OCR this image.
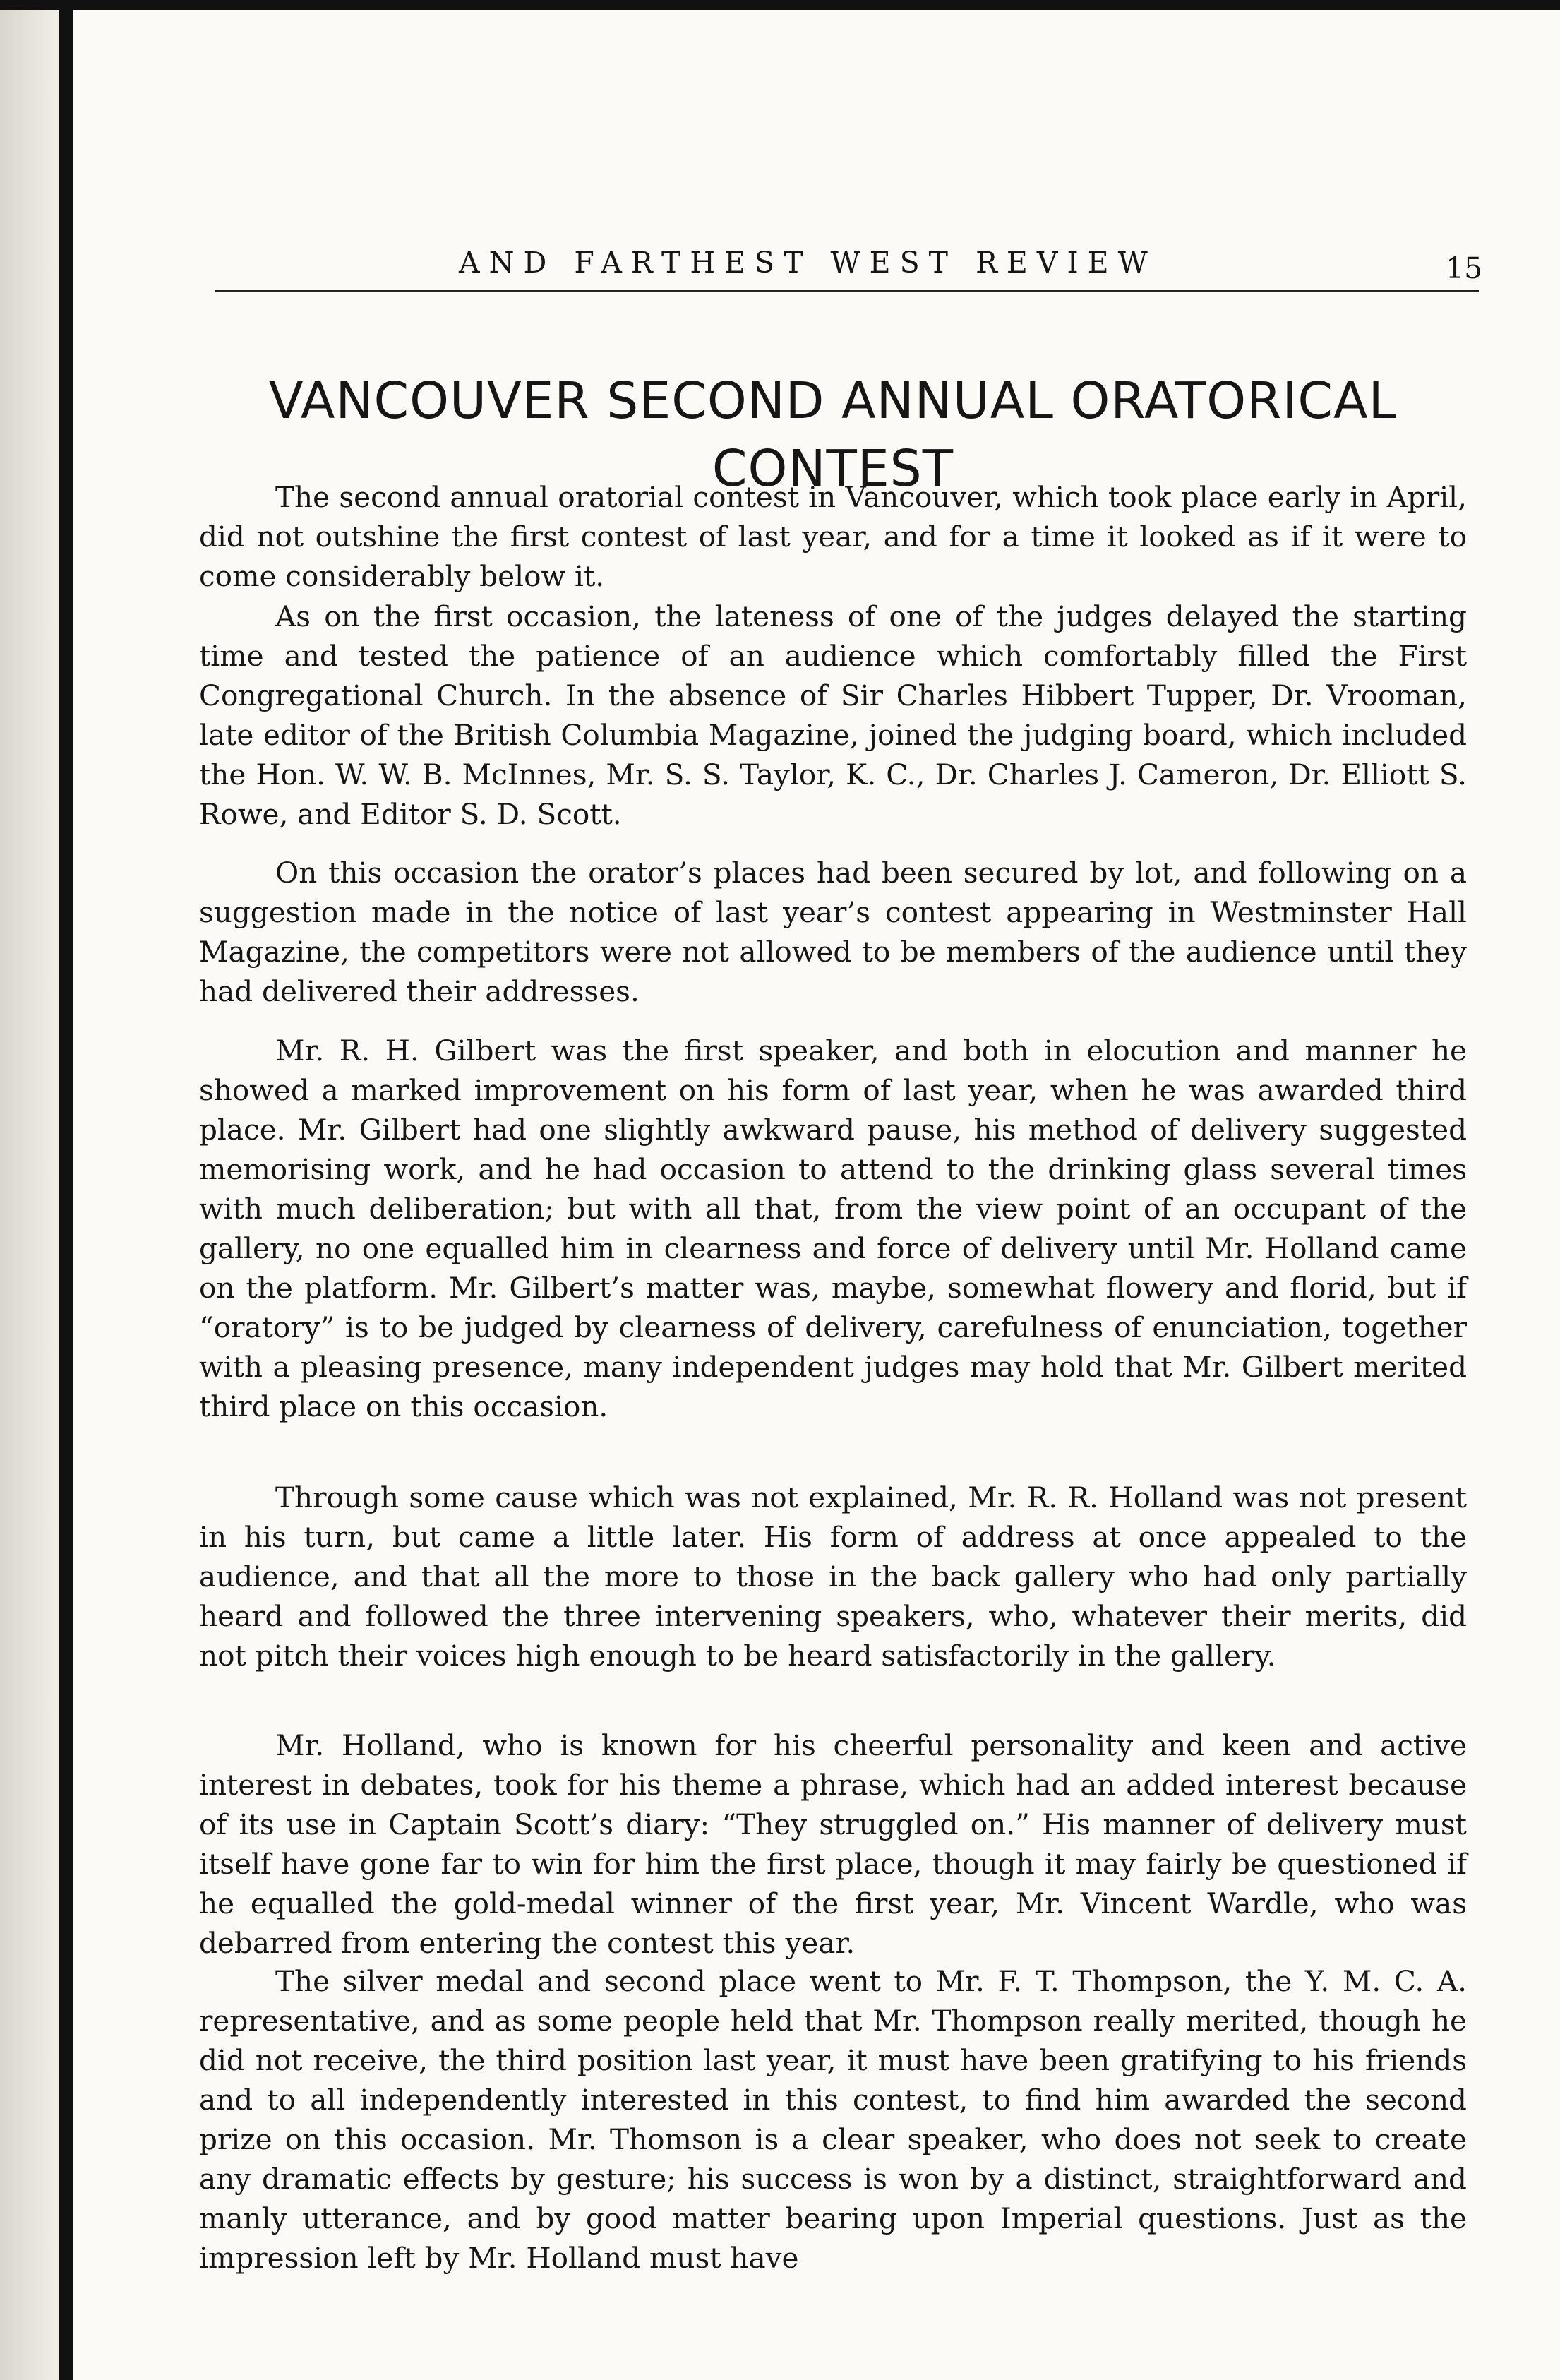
AND FARTHEST WEST REVIEW	15
VANCOUVER SECOND ANNUAL ORATORICAL CONTEST

The second annual oratorial contest in Vancouver, which took place early in April, did not outshine the first contest of last year, and for a time it looked as if it were to come considerably below it.

As on the first occasion, the lateness of one of the judges delayed the starting time and tested the patience of an audience which comfortably filled the First Congregational Church. In the absence of Sir Charles Hibbert Tupper, Dr. Vrooman, late editor of the British Columbia Magazine, joined the judging board, which included the Hon. W. W. B. McInnes, Mr. S. S. Taylor, K. C., Dr. Charles J. Cameron, Dr. Elliott S. Rowe, and Editor S. D. Scott.

On this occasion the orator’s places had been secured by lot, and following on a suggestion made in the notice of last year’s contest appearing in Westminster Hall Magazine, the competitors were not allowed to be members of the audience until they had delivered their addresses.

Mr. R. H. Gilbert was the first speaker, and both in elocution and manner he showed a marked improvement on his form of last year, when he was awarded third place. Mr. Gilbert had one slightly awkward pause, his method of delivery suggested memorising work, and he had occasion to attend to the drinking glass several times with much deliberation; but with all that, from the view point of an occupant of the gallery, no one equalled him in clearness and force of delivery until Mr. Holland came on the platform. Mr. Gilbert’s matter was, maybe, somewhat flowery and florid, but if “oratory” is to be judged by clearness of delivery, carefulness of enunciation, together with a pleasing presence, many independent judges may hold that Mr. Gilbert merited third place on this occasion.

Through some cause which was not explained, Mr. R. R. Holland was not present in his turn, but came a little later. His form of address at once appealed to the audience, and that all the more to those in the back gallery who had only partially heard and followed the three intervening speakers, who, whatever their merits, did not pitch their voices high enough to be heard satisfactorily in the gallery.

Mr. Holland, who is known for his cheerful personality and keen and active interest in debates, took for his theme a phrase, which had an added interest because of its use in Captain Scott’s diary: “They struggled on.” His manner of delivery must itself have gone far to win for him the first place, though it may fairly be questioned if he equalled the gold-medal winner of the first year, Mr. Vincent Wardle, who was debarred from entering the contest this year.

The silver medal and second place went to Mr. F. T. Thompson, the Y. M. C. A. representative, and as some people held that Mr. Thompson really merited, though he did not receive, the third position last year, it must have been gratifying to his friends and to all independently interested in this contest, to find him awarded the second prize on this occasion. Mr. Thomson is a clear speaker, who does not seek to create any dramatic effects by gesture; his success is won by a distinct, straightforward and manly utterance, and by good matter bearing upon Imperial questions. Just as the impression left by Mr. Holland must have
